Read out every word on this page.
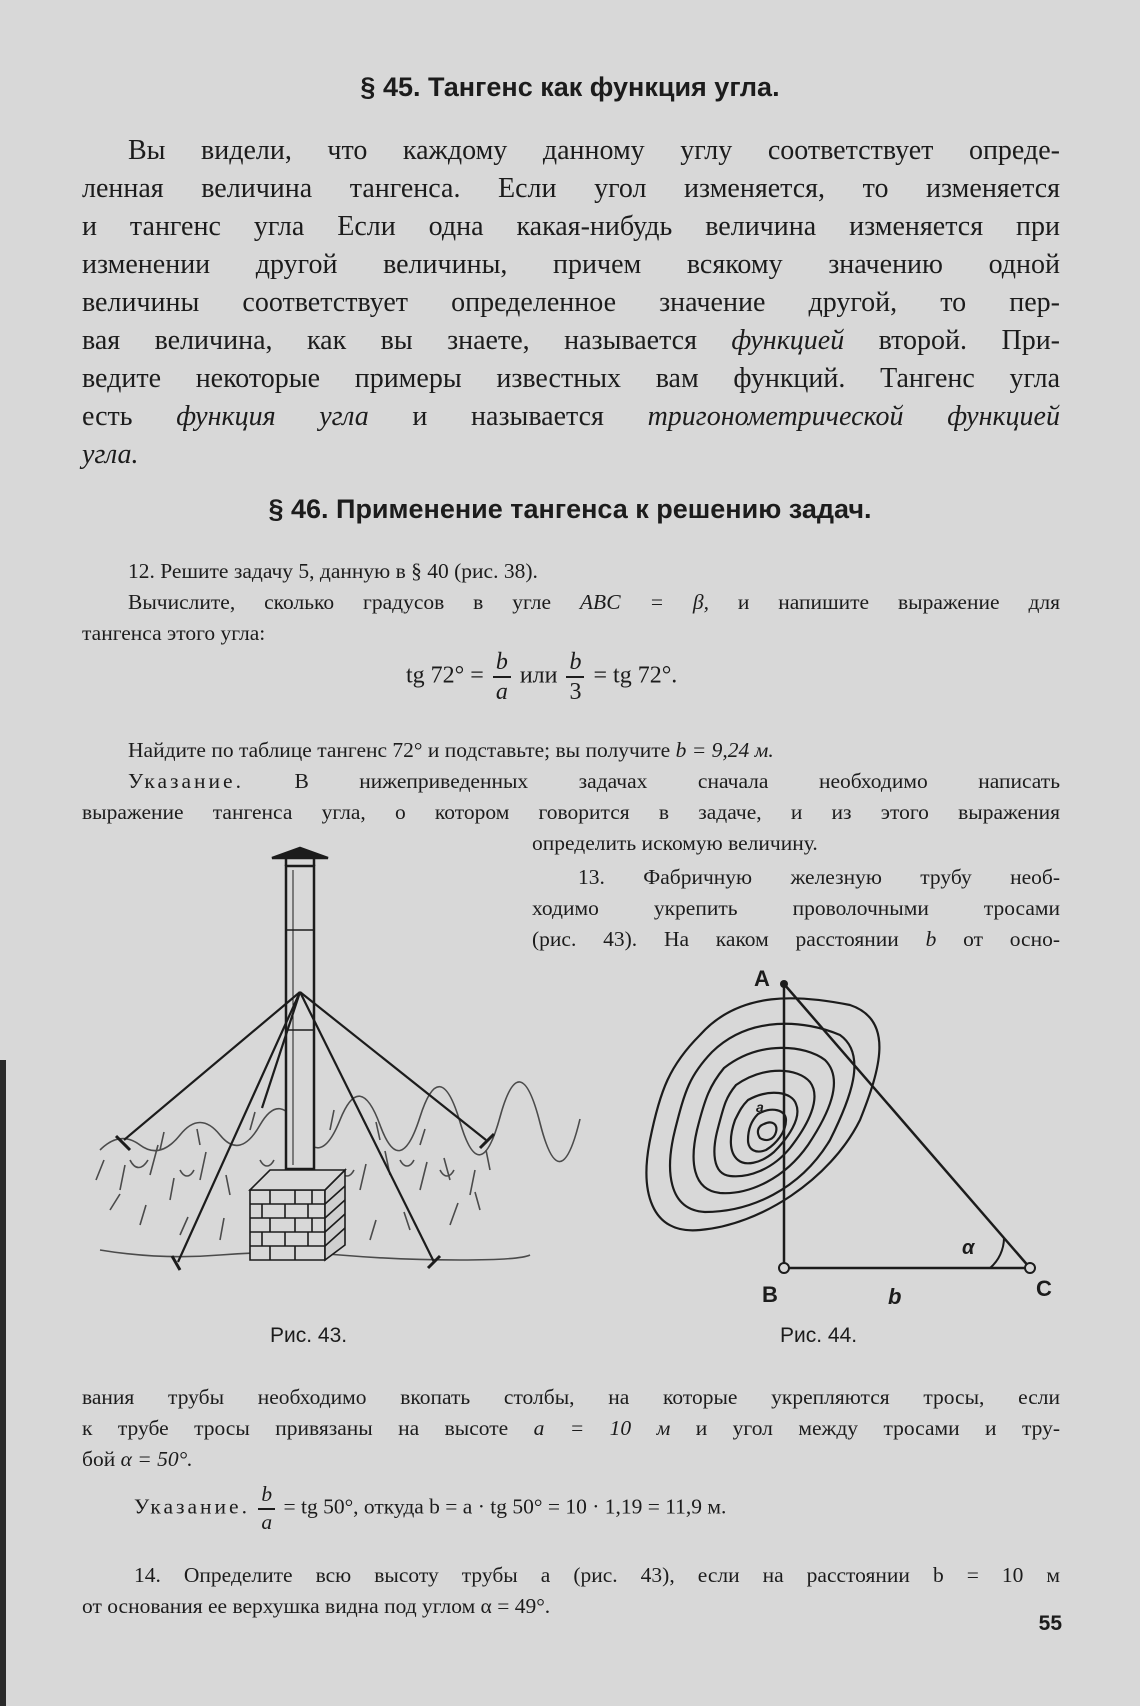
§ 45. Тангенс как функция угла.
Вы видели, что каждому данному углу соответствует опреде-
ленная величина тангенса. Если угол изменяется, то изменяется
и тангенс угла Если одна какая-нибудь величина изменяется при
изменении другой величины, причем всякому значению одной
величины соответствует определенное значение другой, то пер-
вая величина, как вы знаете, называется функцией второй. При-
ведите некоторые примеры известных вам функций. Тангенс угла
есть функция угла и называется тригонометрической функцией
угла.
§ 46. Применение тангенса к решению задач.
12. Решите задачу 5, данную в § 40 (рис. 38).
Вычислите, сколько градусов в угле ABC = β, и напишите выражение для
тангенса этого угла:
tg $72^\circ = \frac{b}{a}$ или $\frac{b}{3}$ = tg 72°.
Найдите по таблице тангенс 72° и подставьте; вы получите b = 9,24 м.
Указание. В нижеприведенных задачах сначала необходимо написать
выражение тангенса угла, о котором говорится в задаче, и из этого выражения
определить искомую величину.
13. Фабричную железную трубу необ-
ходимо укрепить проволочными тросами
(рис. 43). На каком расстоянии b от осно-
A
B	C
b
α
a
Рис. 43.	Рис. 44.
вания трубы необходимо вкопать столбы, на которые укрепляются тросы, если
к трубе тросы привязаны на высоте a = 10 м и угол между тросами и тру-
бой α = 50°.
Указание. $\frac{b}{a}$ = tg 50°, откуда b = a · tg 50° = 10 · 1,19 = 11,9 м.
14. Определите всю высоту трубы a (рис. 43), если на расстоянии b = 10 м
от основания ее верхушка видна под углом α = 49°.
55
